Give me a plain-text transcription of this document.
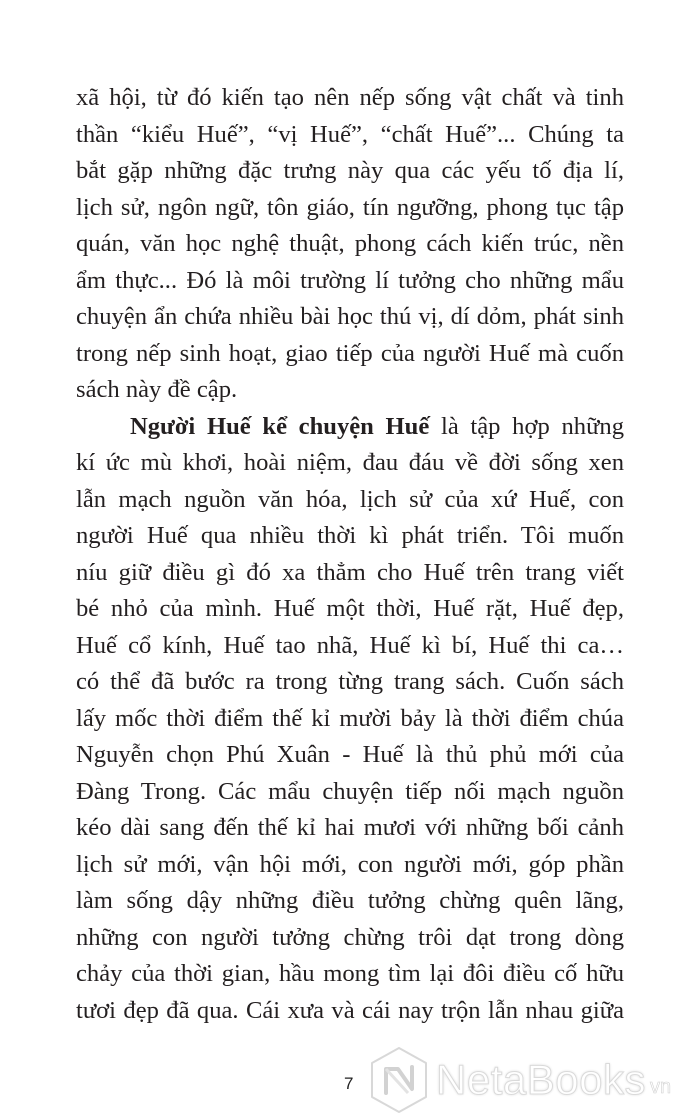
xã hội, từ đó kiến tạo nên nếp sống vật chất và tinh
thần “kiểu Huế”, “vị Huế”, “chất Huế”... Chúng ta
bắt gặp những đặc trưng này qua các yếu tố địa lí,
lịch sử, ngôn ngữ, tôn giáo, tín ngưỡng, phong tục tập
quán, văn học nghệ thuật, phong cách kiến trúc, nền
ẩm thực... Đó là môi trường lí tưởng cho những mẩu
chuyện ẩn chứa nhiều bài học thú vị, dí dỏm, phát sinh
trong nếp sinh hoạt, giao tiếp của người Huế mà cuốn
sách này đề cập.
Người Huế kể chuyện Huế là tập hợp những
kí ức mù khơi, hoài niệm, đau đáu về đời sống xen
lẫn mạch nguồn văn hóa, lịch sử của xứ Huế, con
người Huế qua nhiều thời kì phát triển. Tôi muốn
níu giữ điều gì đó xa thẳm cho Huế trên trang viết
bé nhỏ của mình. Huế một thời, Huế rặt, Huế đẹp,
Huế cổ kính, Huế tao nhã, Huế kì bí, Huế thi ca…
có thể đã bước ra trong từng trang sách. Cuốn sách
lấy mốc thời điểm thế kỉ mười bảy là thời điểm chúa
Nguyễn chọn Phú Xuân - Huế là thủ phủ mới của
Đàng Trong. Các mẩu chuyện tiếp nối mạch nguồn
kéo dài sang đến thế kỉ hai mươi với những bối cảnh
lịch sử mới, vận hội mới, con người mới, góp phần
làm sống dậy những điều tưởng chừng quên lãng,
những con người tưởng chừng trôi dạt trong dòng
chảy của thời gian, hầu mong tìm lại đôi điều cố hữu
tươi đẹp đã qua. Cái xưa và cái nay trộn lẫn nhau giữa
7 NetaBooks vn
